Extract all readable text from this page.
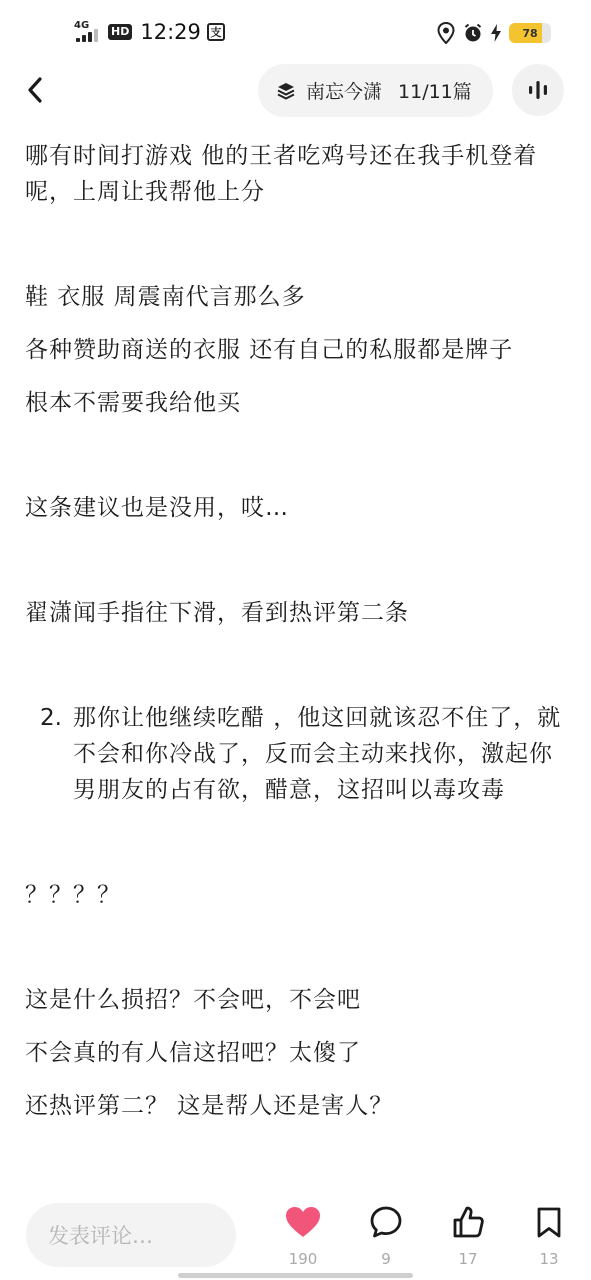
4G HD 12:29 支	78
南忘今潇 11/11篇

哪有时间打游戏 他的王者吃鸡号还在我手机登着呢，上周让我帮他上分

鞋 衣服 周震南代言那么多

各种赞助商送的衣服 还有自己的私服都是牌子

根本不需要我给他买

这条建议也是没用，哎…

翟潇闻手指往下滑，看到热评第二条

2. 那你让他继续吃醋 ，他这回就该忍不住了，就不会和你冷战了，反而会主动来找你，激起你男朋友的占有欲，醋意，这招叫以毒攻毒

？？？？

这是什么损招？不会吧，不会吧

不会真的有人信这招吧？太傻了

还热评第二？ 这是帮人还是害人？

发表评论…
190	9	17	13
